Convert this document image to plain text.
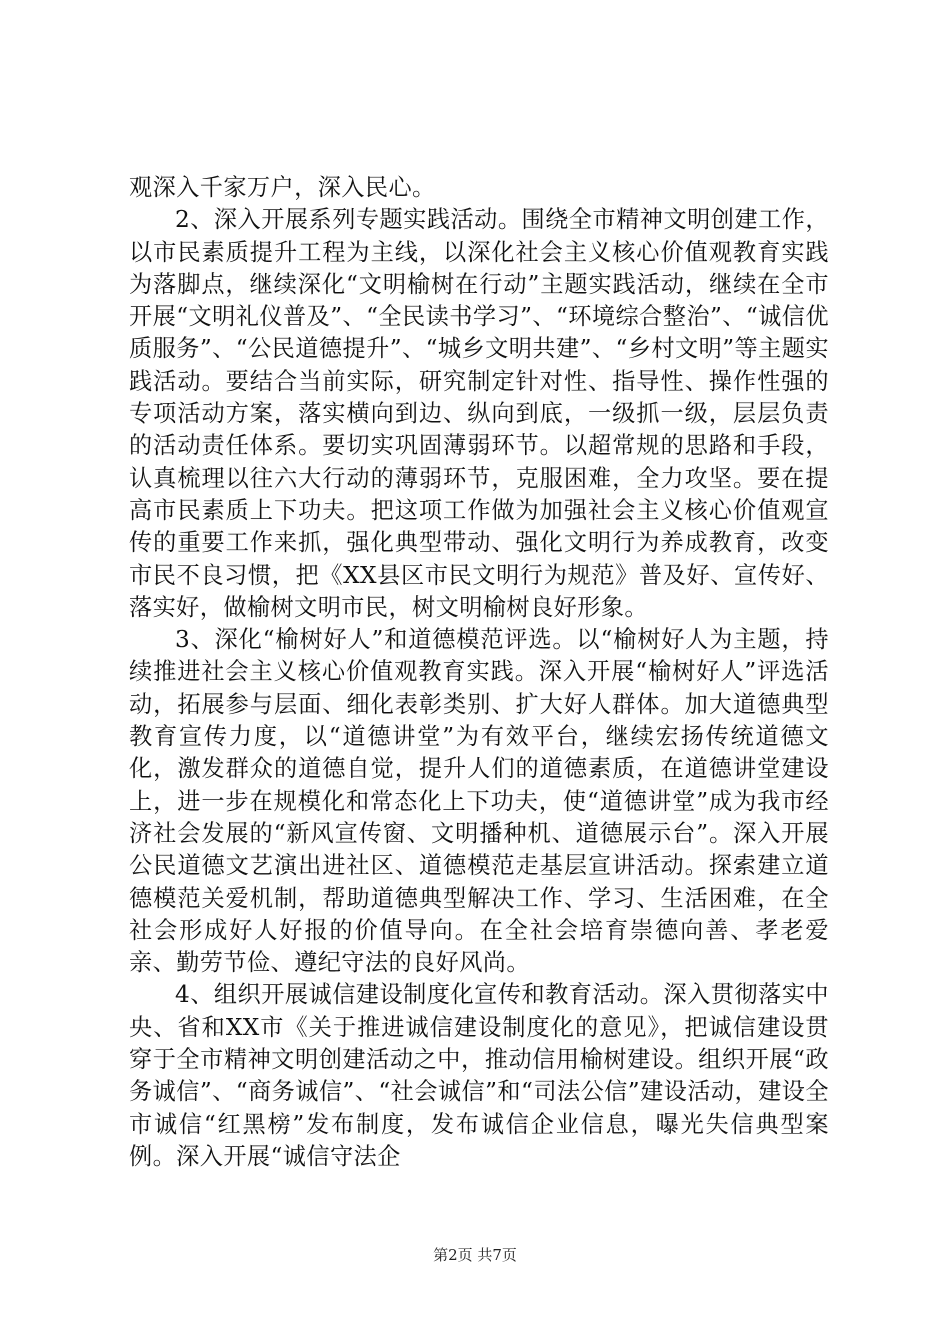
观深入千家万户，深入民心。

2、深入开展系列专题实践活动。围绕全市精神文明创建工作，以市民素质提升工程为主线，以深化社会主义核心价值观教育实践为落脚点，继续深化“文明榆树在行动”主题实践活动，继续在全市开展“文明礼仪普及”、“全民读书学习”、“环境综合整治”、“诚信优质服务”、“公民道德提升”、“城乡文明共建”、“乡村文明”等主题实践活动。要结合当前实际，研究制定针对性、指导性、操作性强的专项活动方案，落实横向到边、纵向到底，一级抓一级，层层负责的活动责任体系。要切实巩固薄弱环节。以超常规的思路和手段，认真梳理以往六大行动的薄弱环节，克服困难，全力攻坚。要在提高市民素质上下功夫。把这项工作做为加强社会主义核心价值观宣传的重要工作来抓，强化典型带动、强化文明行为养成教育，改变市民不良习惯，把《XX县区市民文明行为规范》普及好、宣传好、落实好，做榆树文明市民，树文明榆树良好形象。

3、深化“榆树好人”和道德模范评选。以“榆树好人为主题，持续推进社会主义核心价值观教育实践。深入开展“榆树好人”评选活动，拓展参与层面、细化表彰类别、扩大好人群体。加大道德典型教育宣传力度，以“道德讲堂”为有效平台，继续宏扬传统道德文化，激发群众的道德自觉，提升人们的道德素质，在道德讲堂建设上，进一步在规模化和常态化上下功夫，使“道德讲堂”成为我市经济社会发展的“新风宣传窗、文明播种机、道德展示台”。深入开展公民道德文艺演出进社区、道德模范走基层宣讲活动。探索建立道德模范关爱机制，帮助道德典型解决工作、学习、生活困难，在全社会形成好人好报的价值导向。在全社会培育崇德向善、孝老爱亲、勤劳节俭、遵纪守法的良好风尚。

4、组织开展诚信建设制度化宣传和教育活动。深入贯彻落实中央、省和XX市《关于推进诚信建设制度化的意见》，把诚信建设贯穿于全市精神文明创建活动之中，推动信用榆树建设。组织开展“政务诚信”、“商务诚信”、“社会诚信”和“司法公信”建设活动，建设全市诚信“红黑榜”发布制度，发布诚信企业信息，曝光失信典型案例。深入开展“诚信守法企

第2页 共7页
